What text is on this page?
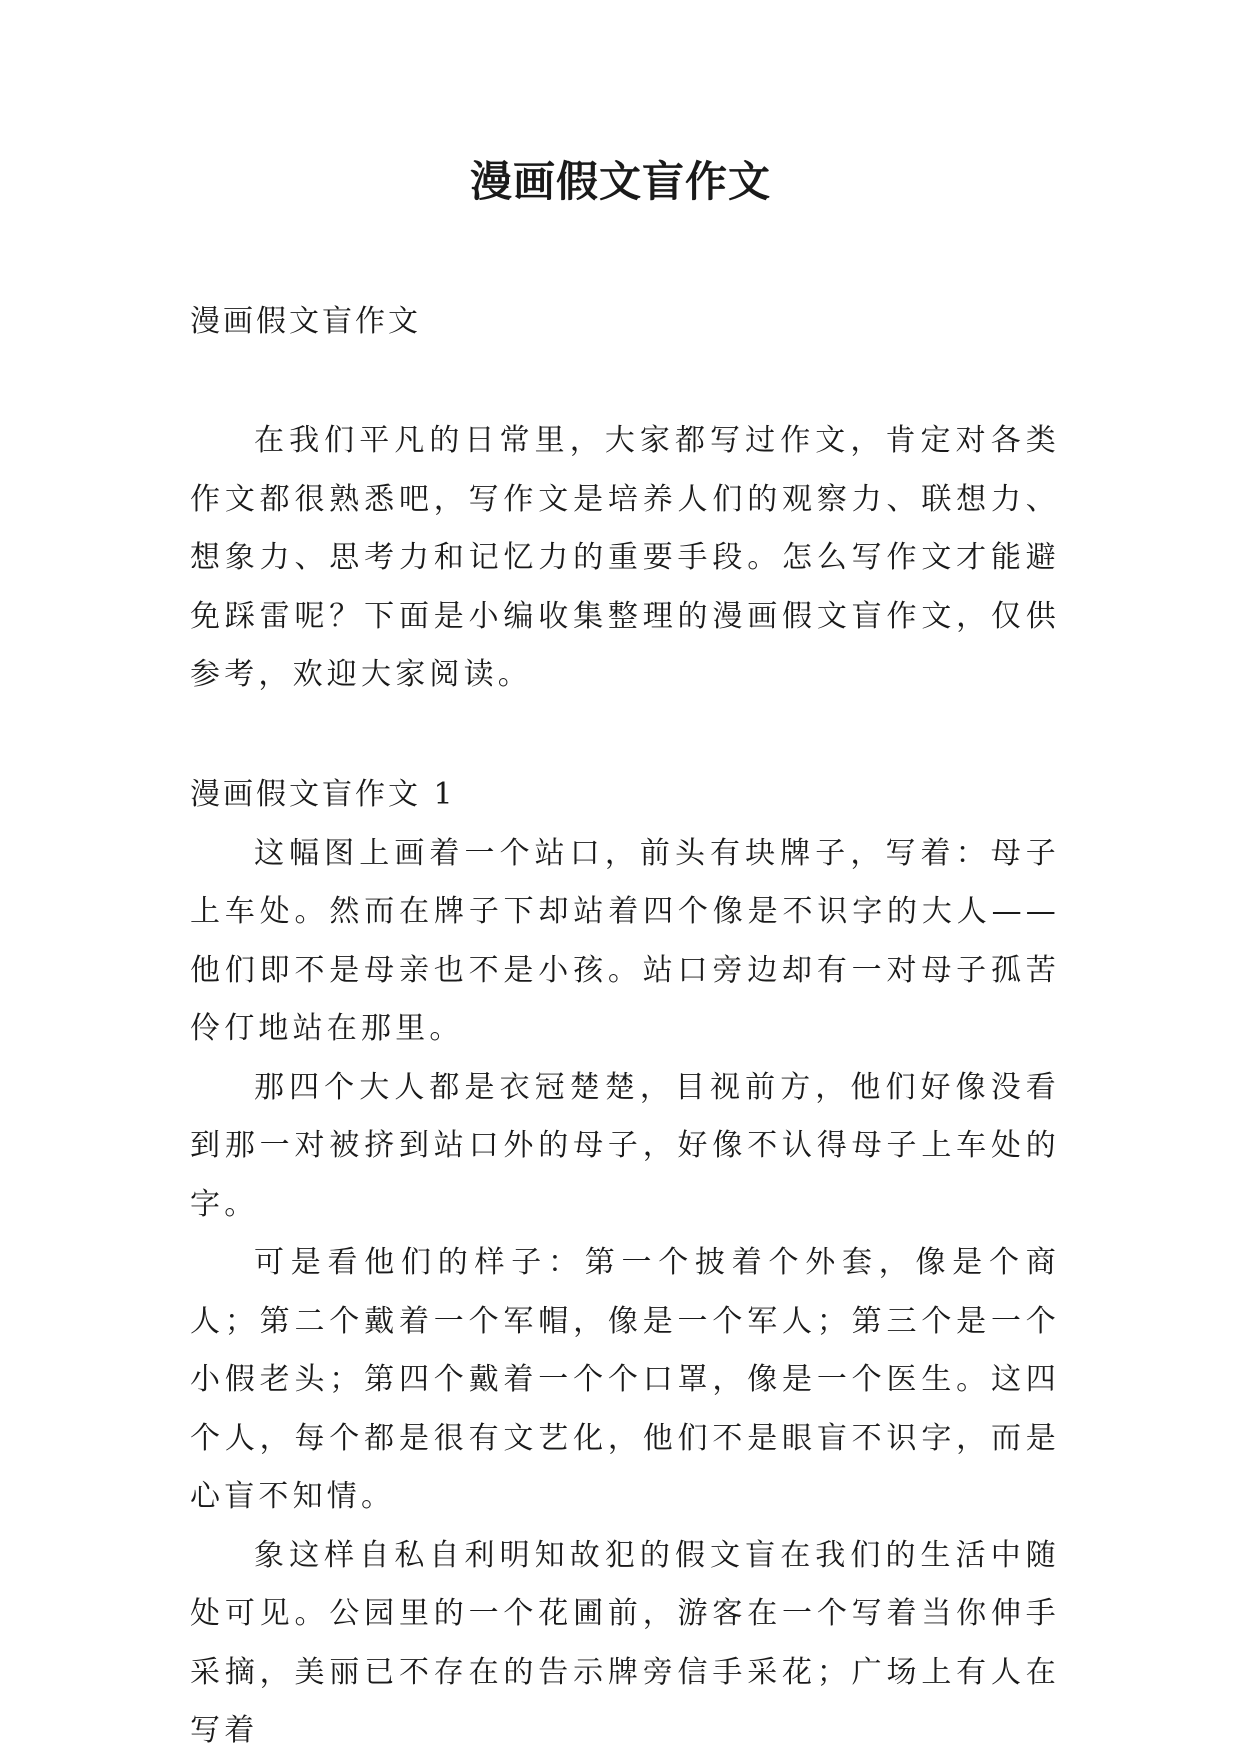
漫画假文盲作文

漫画假文盲作文

在我们平凡的日常里，大家都写过作文，肯定对各类作文都很熟悉吧，写作文是培养人们的观察力、联想力、想象力、思考力和记忆力的重要手段。怎么写作文才能避免踩雷呢？下面是小编收集整理的漫画假文盲作文，仅供参考，欢迎大家阅读。

漫画假文盲作文 1

这幅图上画着一个站口，前头有块牌子，写着：母子上车处。然而在牌子下却站着四个像是不识字的大人——他们即不是母亲也不是小孩。站口旁边却有一对母子孤苦伶仃地站在那里。

那四个大人都是衣冠楚楚，目视前方，他们好像没看到那一对被挤到站口外的母子，好像不认得母子上车处的字。

可是看他们的样子：第一个披着个外套，像是个商人；第二个戴着一个军帽，像是一个军人；第三个是一个小假老头；第四个戴着一个个口罩，像是一个医生。这四个人，每个都是很有文艺化，他们不是眼盲不识字，而是心盲不知情。

象这样自私自利明知故犯的假文盲在我们的生活中随处可见。公园里的一个花圃前，游客在一个写着当你伸手采摘，美丽已不存在的告示牌旁信手采花；广场上有人在写着
